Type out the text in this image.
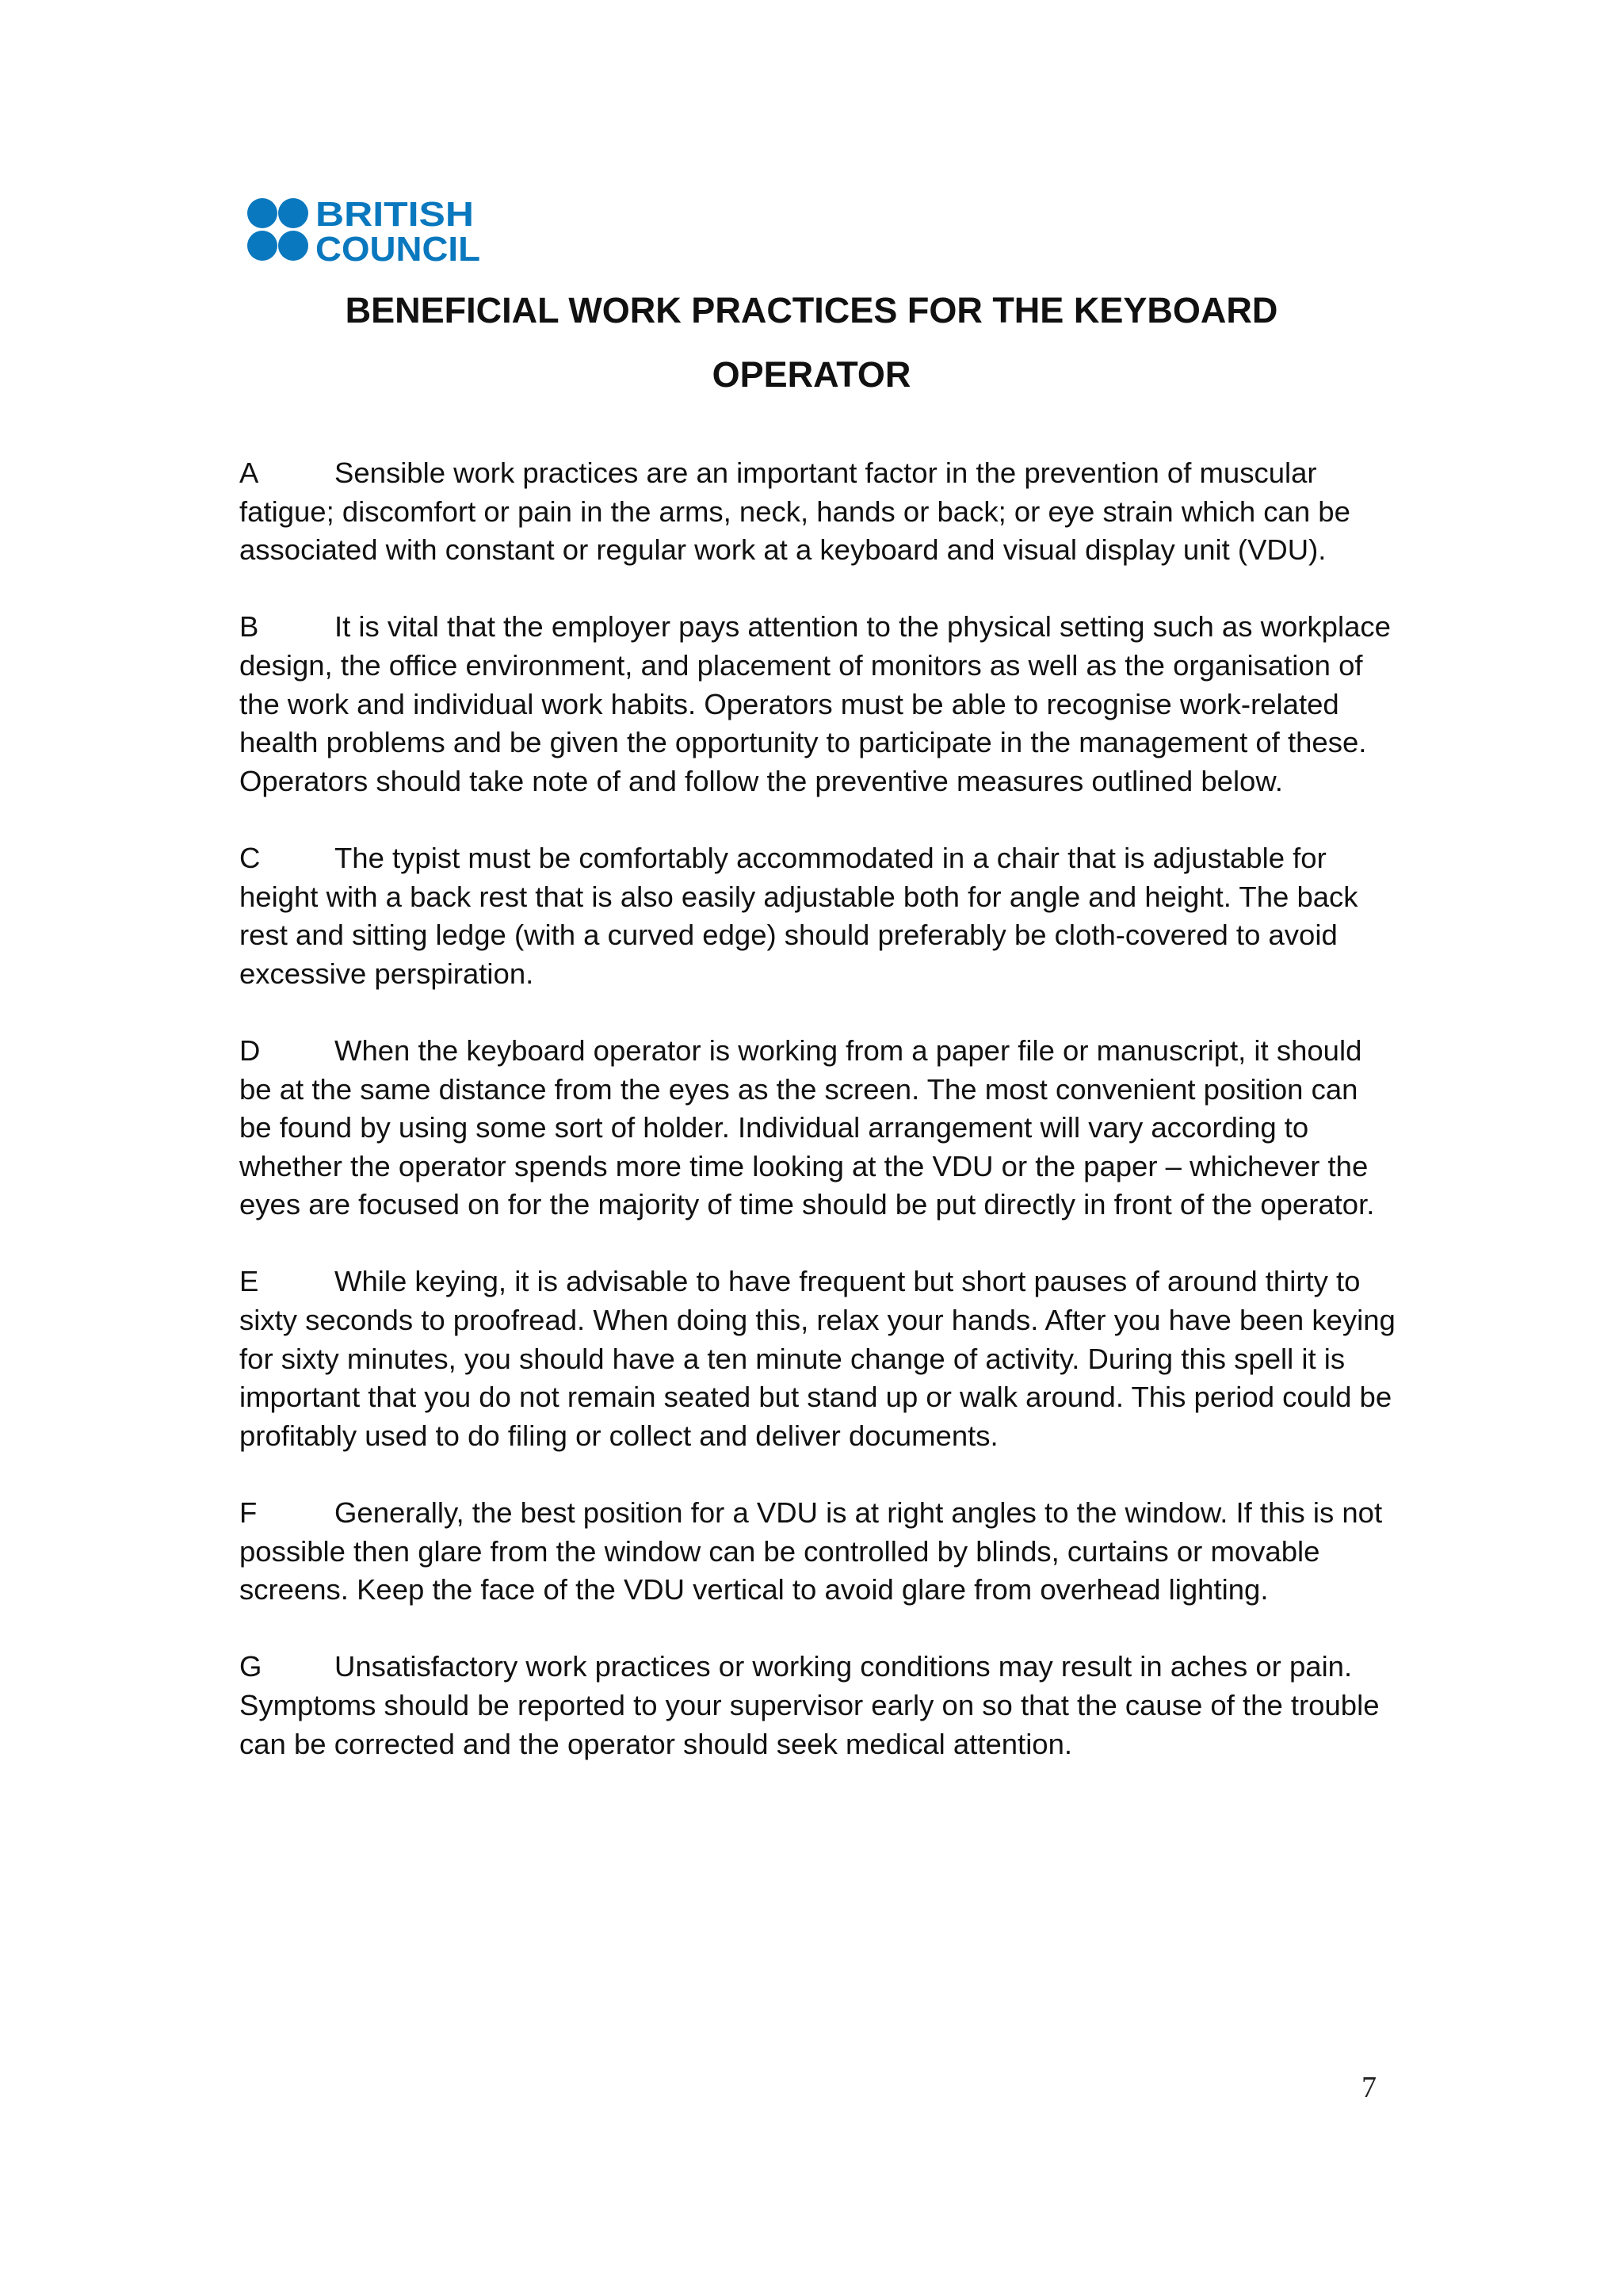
BRITISH
COUNCIL
BENEFICIAL WORK PRACTICES FOR THE KEYBOARD
OPERATOR

A	Sensible work practices are an important factor in the prevention of muscular fatigue; discomfort or pain in the arms, neck, hands or back; or eye strain which can be associated with constant or regular work at a keyboard and visual display unit (VDU).

B	It is vital that the employer pays attention to the physical setting such as workplace design, the office environment, and placement of monitors as well as the organisation of the work and individual work habits. Operators must be able to recognise work-related health problems and be given the opportunity to participate in the management of these. Operators should take note of and follow the preventive measures outlined below.

C	The typist must be comfortably accommodated in a chair that is adjustable for height with a back rest that is also easily adjustable both for angle and height. The back rest and sitting ledge (with a curved edge) should preferably be cloth-covered to avoid excessive perspiration.

D	When the keyboard operator is working from a paper file or manuscript, it should be at the same distance from the eyes as the screen. The most convenient position can be found by using some sort of holder. Individual arrangement will vary according to whether the operator spends more time looking at the VDU or the paper – whichever the eyes are focused on for the majority of time should be put directly in front of the operator.

E	While keying, it is advisable to have frequent but short pauses of around thirty to sixty seconds to proofread. When doing this, relax your hands. After you have been keying for sixty minutes, you should have a ten minute change of activity. During this spell it is important that you do not remain seated but stand up or walk around. This period could be profitably used to do filing or collect and deliver documents.

F	Generally, the best position for a VDU is at right angles to the window. If this is not possible then glare from the window can be controlled by blinds, curtains or movable screens. Keep the face of the VDU vertical to avoid glare from overhead lighting.

G	Unsatisfactory work practices or working conditions may result in aches or pain. Symptoms should be reported to your supervisor early on so that the cause of the trouble can be corrected and the operator should seek medical attention.

7
